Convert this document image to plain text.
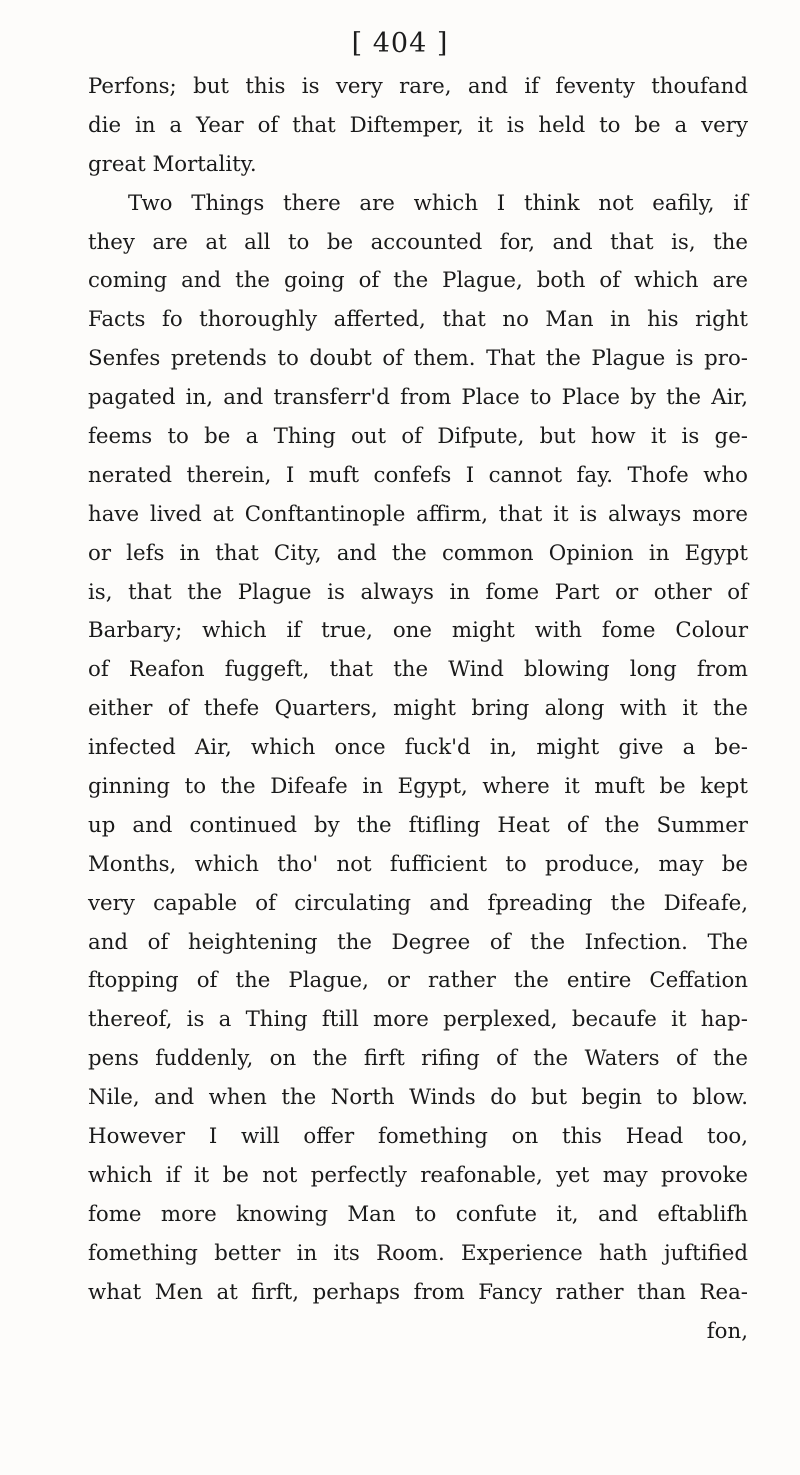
[ 404 ]
Perfons; but this is very rare, and if feventy thoufand
die in a Year of that Diftemper, it is held to be a very
great Mortality.
Two Things there are which I think not eafily, if
they are at all to be accounted for, and that is, the
coming and the going of the Plague, both of which are
Facts fo thoroughly afferted, that no Man in his right
Senfes pretends to doubt of them. That the Plague is pro-
pagated in, and transferr'd from Place to Place by the Air,
feems to be a Thing out of Difpute, but how it is ge-
nerated therein, I muft confefs I cannot fay. Thofe who
have lived at Conftantinople affirm, that it is always more
or lefs in that City, and the common Opinion in Egypt
is, that the Plague is always in fome Part or other of
Barbary; which if true, one might with fome Colour
of Reafon fuggeft, that the Wind blowing long from
either of thefe Quarters, might bring along with it the
infected Air, which once fuck'd in, might give a be-
ginning to the Difeafe in Egypt, where it muft be kept
up and continued by the ftifling Heat of the Summer
Months, which tho' not fufficient to produce, may be
very capable of circulating and fpreading the Difeafe,
and of heightening the Degree of the Infection. The
ftopping of the Plague, or rather the entire Ceffation
thereof, is a Thing ftill more perplexed, becaufe it hap-
pens fuddenly, on the firft rifing of the Waters of the
Nile, and when the North Winds do but begin to blow.
However I will offer fomething on this Head too,
which if it be not perfectly reafonable, yet may provoke
fome more knowing Man to confute it, and eftablifh
fomething better in its Room. Experience hath juftified
what Men at firft, perhaps from Fancy rather than Rea-
fon,
